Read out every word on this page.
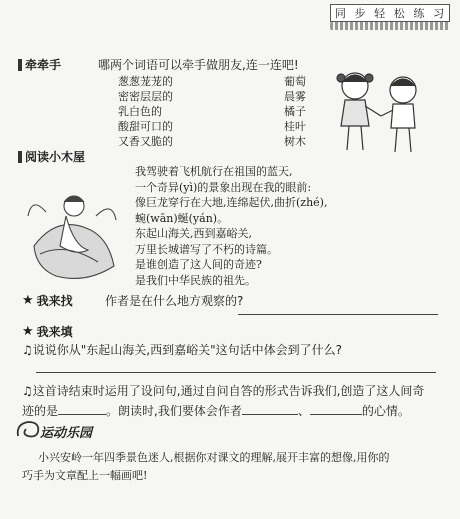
同 步 轻 松 练 习
牵牵手	哪两个词语可以牵手做朋友,连一连吧!
葱葱茏茏的
密密层层的
乳白色的
酸甜可口的
又香又脆的
葡萄
晨雾
橘子
桂叶
树木
阅读小木屋
我驾驶着飞机航行在祖国的蓝天,
一个奇异(yì)的景象出现在我的眼前:
像巨龙穿行在大地,连绵起伏,曲折(zhé),
蜿(wān)蜒(yán)。
东起山海关,西到嘉峪关,
万里长城谱写了不朽的诗篇。
是谁创造了这人间的奇迹?
是我们中华民族的祖先。
★ 我来找	作者是在什么地方观察的?
★ 我来填
♫说说你从"东起山海关,西到嘉峪关"这句话中体会到了什么?
♫这首诗结束时运用了设问句,通过自问自答的形式告诉我们,创造了这人间奇
迹的是	。朗读时,我们要体会作者	、	的心情。
运动乐园
小兴安岭一年四季景色迷人,根据你对课文的理解,展开丰富的想像,用你的
巧手为文章配上一幅画吧!
